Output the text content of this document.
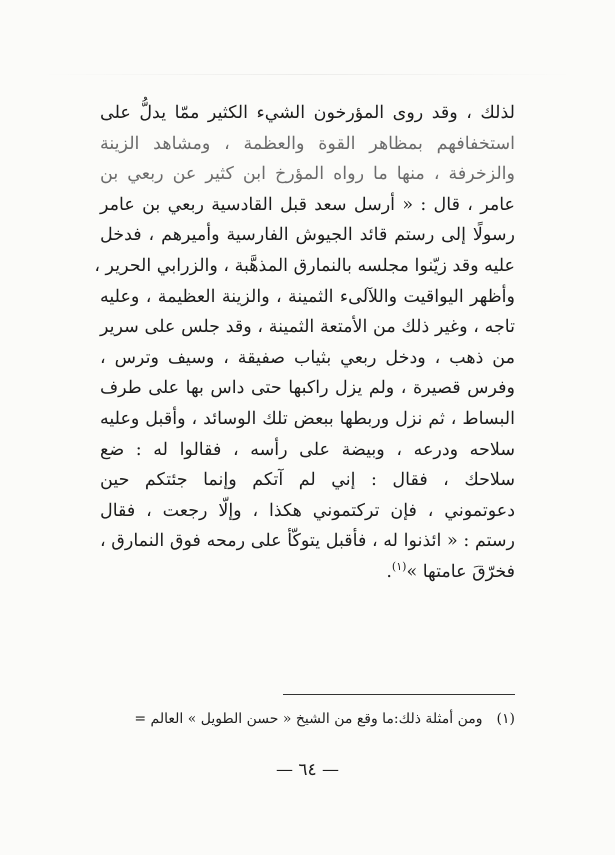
لذلك ، وقد روى المؤرخون الشيء الكثير ممّا يدلُّ على
استخفافهم بمظاهر القوة والعظمة ، ومشاهد الزينة
والزخرفة ، منها ما رواه المؤرخ ابن كثير عن ربعي بن
عامر ، قال : « أرسل سعد قبل القادسية ربعي بن عامر
رسولًا إلى رستم قائد الجيوش الفارسية وأميرهم ، فدخل
عليه وقد زيّنوا مجلسه بالنمارق المذهَّبة ، والزرابي الحرير ،
وأظهر اليواقيت واللآلىء الثمينة ، والزينة العظيمة ، وعليه
تاجه ، وغير ذلك من الأمتعة الثمينة ، وقد جلس على سرير
من ذهب ، ودخل ربعي بثياب صفيقة ، وسيف وترس ،
وفرس قصيرة ، ولم يزل راكبها حتى داس بها على طرف
البساط ، ثم نزل وربطها ببعض تلك الوسائد ، وأقبل وعليه
سلاحه ودرعه ، وبيضة على رأسه ، فقالوا له : ضع
سلاحك ، فقال : إني لم آتكم وإنما جئتكم حين
دعوتموني ، فإن تركتموني هكذا ، وإلّا رجعت ، فقال
رستم : « ائذنوا له ، فأقبل يتوكّأ على رمحه فوق النمارق ،
فخرّقَ عامتها »$^{(١)}$.
(١)ومن أمثلة ذلك:ما وقع من الشيخ « حسن الطويل » العالم =
— ٦٤ —
